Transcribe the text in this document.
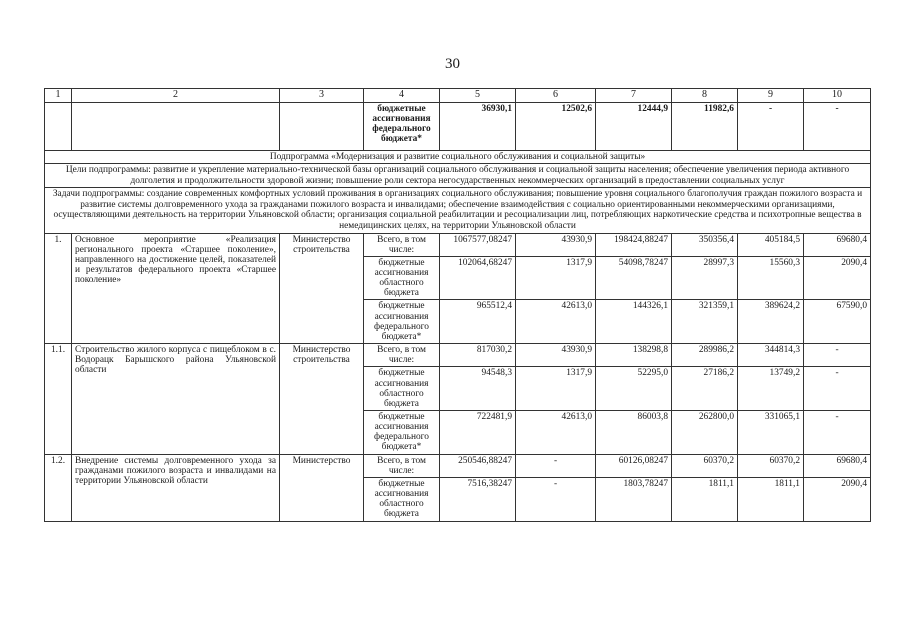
30
1	2	3	4	5	6	7	8	9	10
			бюджетные ассигнования федерального бюджета*	36930,1	12502,6	12444,9	11982,6	-	-
Подпрограмма «Модернизация и развитие социального обслуживания и социальной защиты»									
Цели подпрограммы: развитие и укрепление материально-технической базы организаций социального обслуживания и социальной защиты населения; обеспечение увеличения периода активного долголетия и продолжительности здоровой жизни; повышение роли сектора негосударственных некоммерческих организаций в предоставлении социальных услуг									
Задачи подпрограммы: создание современных комфортных условий проживания в организациях социального обслуживания; повышение уровня социального благополучия граждан пожилого возраста и развитие системы долговременного ухода за гражданами пожилого возраста и инвалидами; обеспечение взаимодействия с социально ориентированными некоммерческими организациями, осуществляющими деятельность на территории Ульяновской области; организация социальной реабилитации и ресоциализации лиц, потребляющих наркотические средства и психотропные вещества в немедицинских целях, на территории Ульяновской области									
1.	Основное мероприятие «Реализация регионального проекта «Старшее поколение», направленного на достижение целей, показателей и результатов федерального проекта «Старшее поколение»	Министерство строительства	Всего, в том числе:	1067577,08247	43930,9	198424,88247	350356,4	405184,5	69680,4
			бюджетные ассигнования областного бюджета	102064,68247	1317,9	54098,78247	28997,3	15560,3	2090,4
			бюджетные ассигнования федерального бюджета*	965512,4	42613,0	144326,1	321359,1	389624,2	67590,0
1.1.	Строительство жилого корпуса с пищеблоком в с. Водорацк Барышского района Ульяновской области	Министерство строительства	Всего, в том числе:	817030,2	43930,9	138298,8	289986,2	344814,3	-
			бюджетные ассигнования областного бюджета	94548,3	1317,9	52295,0	27186,2	13749,2	-
			бюджетные ассигнования федерального бюджета*	722481,9	42613,0	86003,8	262800,0	331065,1	-
1.2.	Внедрение системы долговременного ухода за гражданами пожилого возраста и инвалидами на территории Ульяновской области	Министерство	Всего, в том числе:	250546,88247	-	60126,08247	60370,2	60370,2	69680,4
			бюджетные ассигнования областного бюджета	7516,38247	-	1803,78247	1811,1	1811,1	2090,4
